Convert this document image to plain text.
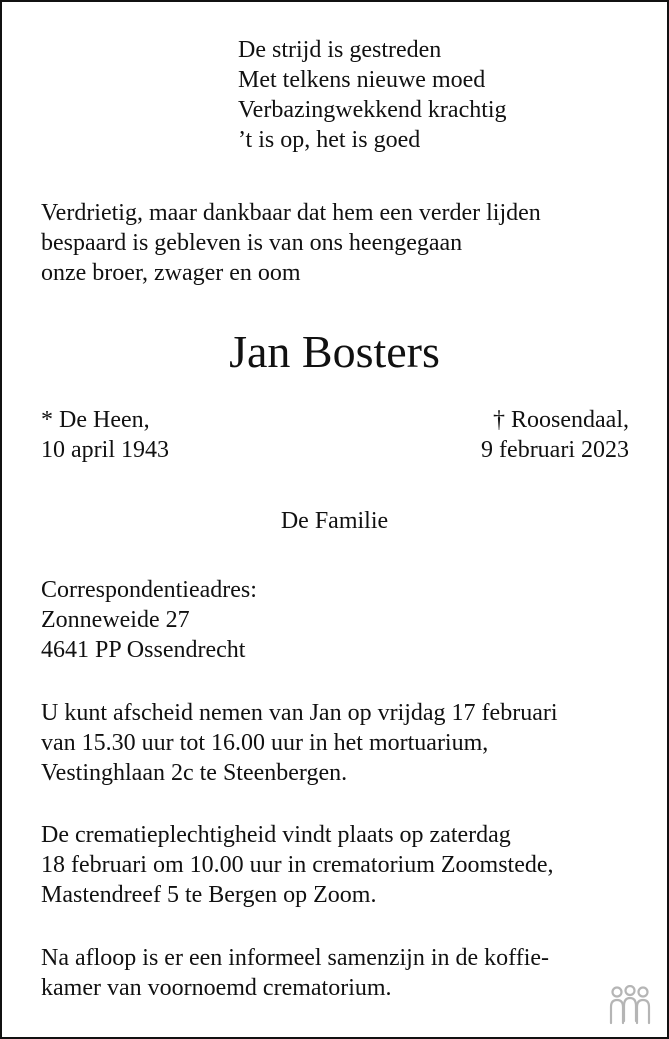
De strijd is gestreden
Met telkens nieuwe moed
Verbazingwekkend krachtig
’t is op, het is goed
Verdrietig, maar dankbaar dat hem een verder lijden
bespaard is gebleven is van ons heengegaan
onze broer, zwager en oom
Jan Bosters
* De Heen,
10 april 1943
† Roosendaal,
9 februari 2023
De Familie
Correspondentieadres:
Zonneweide 27
4641 PP Ossendrecht
U kunt afscheid nemen van Jan op vrijdag 17 februari
van 15.30 uur tot 16.00 uur in het mortuarium,
Vestinghlaan 2c te Steenbergen.
De crematieplechtigheid vindt plaats op zaterdag
18 februari om 10.00 uur in crematorium Zoomstede,
Mastendreef 5 te Bergen op Zoom.
Na afloop is er een informeel samenzijn in de koffie-
kamer van voornoemd crematorium.
